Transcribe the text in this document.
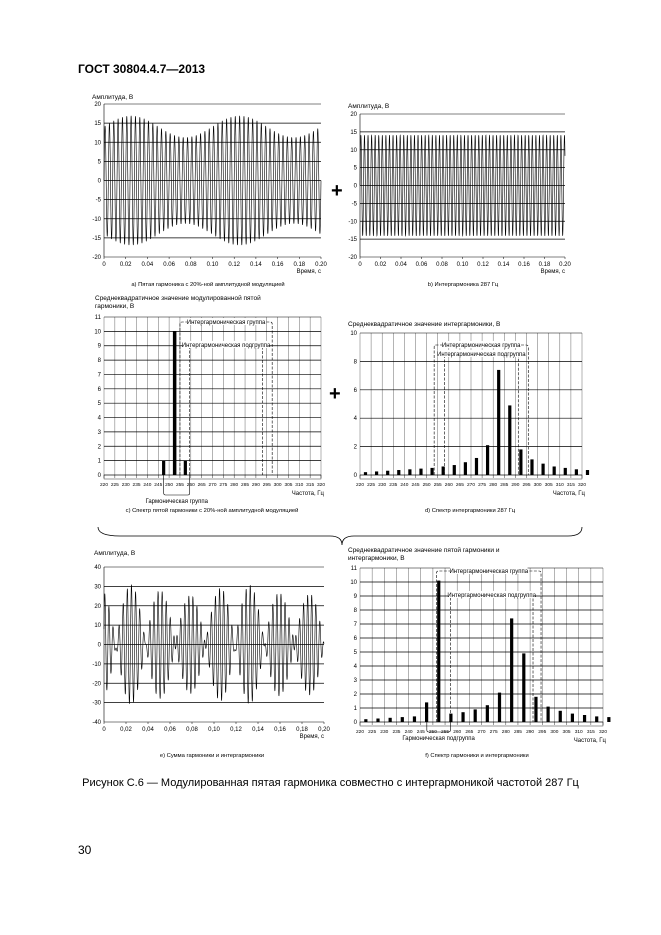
ГОСТ 30804.4.7—2013
20
15
10
5
0
-5
-10
-15
-20
0 0.02 0.04 0.06 0.08 0.10 0.12 0.14 0.16 0.18 0.20
Время, с
Амплитуда, В
а) Пятая гармоника с 20%-ной амплитудной модуляцией
20
15
10
5
0
-5
-10
-15
-20
0 0.02 0.04 0.06 0.08 0.10 0.12 0.14 0.16 0.18 0.20
Время, с
Амплитуда, В
b) Интергармоника 287 Гц
11
10
9
8
7
6
5
4
3
2
1
0
220 225 230 235 240 245 250 255 260 265 270 275 280 285 290 295 300 305 310 315 320
Частота, Гц
с) Спектр пятой гармоники с 20%-ной амплитудной модуляцией
Среднеквадратичное значение модулированной пятой
гармоники, В
Интергармоническая группа
Интергармоническая подгруппа
Гармоническая группа
10
8
6
4
2
0
220 225 230 235 240 245 250 255 260 265 270 275 280 285 290 295 300 305 310 315 320
Частота, Гц
d) Спектр интергармоники 287 Гц
Среднеквадратичное значение интергармоники, В
Интергармоническая группа
Интергармоническая подгруппа
40
30
20
10
0
-10
-20
-30
-40
0 0,02 0,04 0,06 0,08 0,10 0,12 0,14 0,16 0,18 0,20
Время, с
Амплитуда, В
е) Сумма гармоники и интергармоники
11
10
9
8
7
6
5
4
3
2
1
0
220 225 230 235 240 245 250 255 260 265 270 275 280 285 290 295 300 305 310 315 320
Частота, Гц
f) Спектр гармоники и интергармоники
Среднеквадратичное значение пятой гармоники и
интергармоники, В
Интергармоническая группа
Интергармоническая подгруппа
Гармоническая подгруппа
+
+
Рисунок С.6 — Модулированная пятая гармоника совместно с интергармоникой частотой 287 Гц
30
